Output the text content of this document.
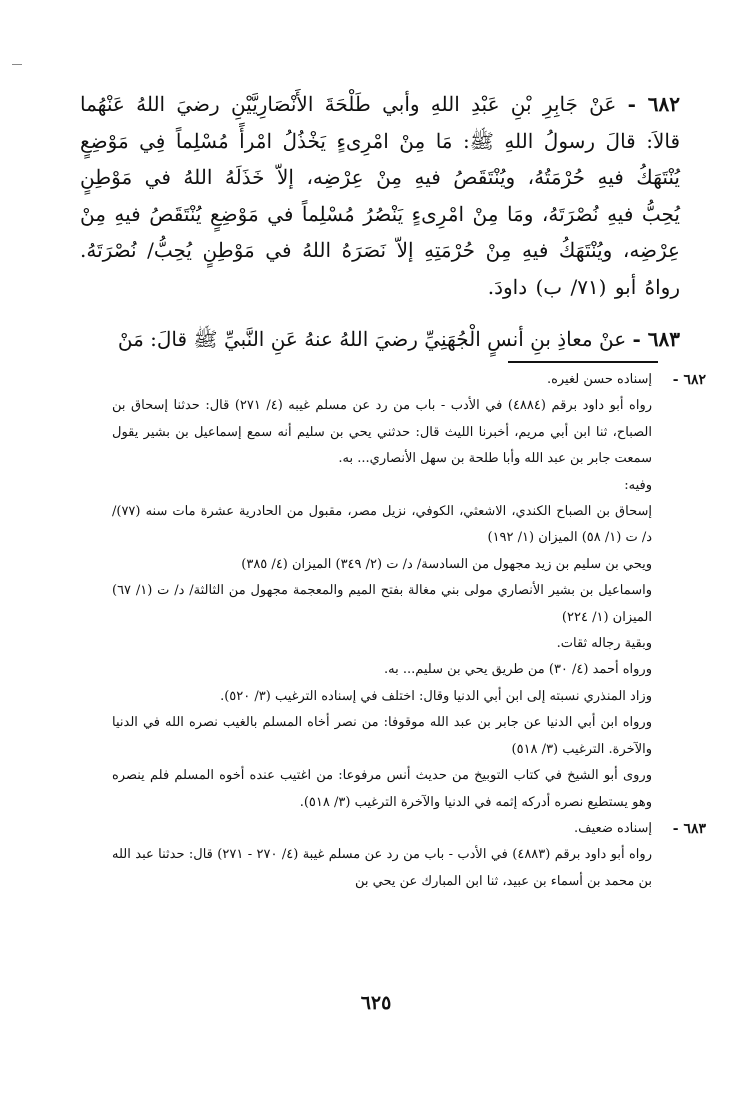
٦٨٢ - عَنْ جَابِرِ بْنِ عَبْدِ اللهِ وأبي طَلْحَةَ الأَنْصَارِيَّيْنِ رضيَ اللهُ عَنْهُما قالاَ: قالَ رسولُ اللهِ ﷺ: مَا مِنْ امْرِىءٍ يَخْذُلُ امْرأً مُسْلِماً فِي مَوْضِعٍ يُنْتَهَكُ فيهِ حُرْمَتُهُ، ويُنْتَقَصُ فيهِ مِنْ عِرْضِه، إلاّ خَذَلَهُ اللهُ في مَوْطِنٍ يُحِبُّ فيهِ نُصْرَتَهُ، ومَا مِنْ امْرِىءٍ يَنْصُرُ مُسْلِماً في مَوْضِعٍ يُنْتَقَصُ فيهِ مِنْ عِرْضِه، ويُنْتَهَكُ فيهِ مِنْ حُرْمَتِهِ إلاّ نَصَرَهُ اللهُ في مَوْطِنٍ يُحِبُّ/ نُصْرَتَهُ. رواهُ أبو (٧١/ ب) داودَ.

٦٨٣ - عنْ معاذِ بنِ أنسٍ الْجُهَنِيِّ رضيَ اللهُ عنهُ عَنِ النَّبيِّ ﷺ قالَ: مَنْ
٦٨٢ -

إسناده حسن لغيره.

رواه أبو داود برقم (٤٨٨٤) في الأدب - باب من رد عن مسلم غيبه (٤/ ٢٧١) قال: حدثنا إسحاق بن الصباح، ثنا ابن أبي مريم، أخبرنا الليث قال: حدثني يحي بن سليم أنه سمع إسماعيل بن بشير يقول سمعت جابر بن عبد الله وأبا طلحة بن سهل الأنصاري... به.

وفيه:

إسحاق بن الصباح الكندي، الاشعثي، الكوفي، نزيل مصر، مقبول من الحادرية عشرة مات سنه (٧٧)/ د/ ت (١/ ٥٨) الميزان (١/ ١٩٢)

ويحي بن سليم بن زيد مجهول من السادسة/ د/ ت (٢/ ٣٤٩) الميزان (٤/ ٣٨٥)

واسماعيل بن بشير الأنصاري مولى بني مغالة بفتح الميم والمعجمة مجهول من الثالثة/ د/ ت (١/ ٦٧) الميزان (١/ ٢٢٤)

وبقية رجاله ثقات.

ورواه أحمد (٤/ ٣٠) من طريق يحي بن سليم... به.

وزاد المنذري نسبته إلى ابن أبي الدنيا وقال: اختلف في إسناده الترغيب (٣/ ٥٢٠).

ورواه ابن أبي الدنيا عن جابر بن عبد الله موقوفا: من نصر أخاه المسلم بالغيب نصره الله في الدنيا والآخرة. الترغيب (٣/ ٥١٨)

وروى أبو الشيخ في كتاب التوبيخ من حديث أنس مرفوعا: من اغتيب عنده أخوه المسلم فلم ينصره وهو يستطيع نصره أدركه إثمه في الدنيا والآخرة الترغيب (٣/ ٥١٨).

٦٨٣ -

إسناده ضعيف.

رواه أبو داود برقم (٤٨٨٣) في الأدب - باب من رد عن مسلم غيبة (٤/ ٢٧٠ - ٢٧١) قال: حدثنا عبد الله بن محمد بن أسماء بن عبيد، ثنا ابن المبارك عن يحي بن

٦٢٥
